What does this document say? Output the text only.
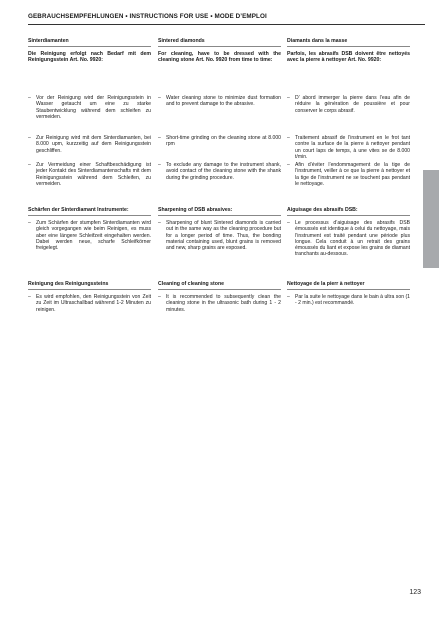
GEBRAUCHSEMPFEHLUNGEN • INSTRUCTIONS FOR USE • MODE D’EMPLOI
Sinterdiamanten
Die Reinigung erfolgt nach Bedarf mit dem Reinigungsstein Art. No. 9920:
– Vor der Reinigung wird der Reinigungsstein in Wasser getaucht um eine zu starke Staubentwicklung während dem schleifen zu vermeiden.
– Zur Reinigung wird mit dem Sinterdiamanten, bei 8.000 upm, kurzzeitig auf dem Reinigungsstein geschliffen.
– Zur Vermeidung einer Schaftbeschädigung ist jeder Kontakt des Sinterdiamantenschafts mit dem Reinigungsstein während dem Schleifen, zu vermeiden.
Schärfen der Sinterdiamant Instrumente:
– Zum Schärfen der stumpfen Sinterdiamanten wird gleich vorgegangen wie beim Reinigen, es muss aber eine längere Schleifzeit eingehalten werden. Dabei werden neue, scharfe Schleifkörner freigelegt.
Reinigung des Reinigungssteins
– Es wird empfohlen, den Reinigungsstein von Zeit zu Zeit im Ultraschallbad während 1-2 Minuten zu reinigen.
Sintered diamonds
For cleaning, have to be dressed with the cleaning stone Art. No. 9920 from time to time:
– Water cleaning stone to minimize dust formation and to prevent damage to the abrasive.
– Short-time grinding on the cleaning stone at 8.000 rpm
– To exclude any damage to the instrument shank, avoid contact of the cleaning stone with the shank during the grinding procedure.
Sharpening of DSB abrasives:
– Sharpening of blunt Sintered diamonds is carried out in the same way as the cleaning procedure but for a longer period of time. Thus, the bonding material containing used, blunt grains is removed and new, sharp grains are exposed.
Cleaning of cleaning stone
– It is recommended to subsequently clean the cleaning stone in the ultrasonic bath during 1 - 2 minutes.
Diamants dans la masse
Parfois, les abrasifs DSB doivent être nettoyés avec la pierre à nettoyer Art. No. 9920:
– D’ abord immerger la pierre dans l’eau afin de réduire la génération de poussière et pour conserver le corps abrasif.
– Traitement abrasif de l’instrument en le frot tant contre la surface de la pierre à nettoyer pendant un court laps de temps, à une vites se de 8.000 t/min.
– Afin d’éviter l’endommagement de la tige de l’instrument, veiller à ce que la pierre à nettoyer et la tige de l’instrument ne se touchent pas pendant le nettoyage.
Aiguisage des abrasifs DSB:
– Le processus d’aiguisage des abrasifs DSB émoussés est identique à celui du nettoyage, mais l’instrument est traité pendant une période plus longue. Cela conduit à un retrait des grains émoussés du liant et expose les grains de diamant tranchants au-dessous.
Nettoyage de la pierr à nettoyer
– Par la suite le nettoyage dans le bain à ultra son (1 - 2 min.) est recommandé.
123
